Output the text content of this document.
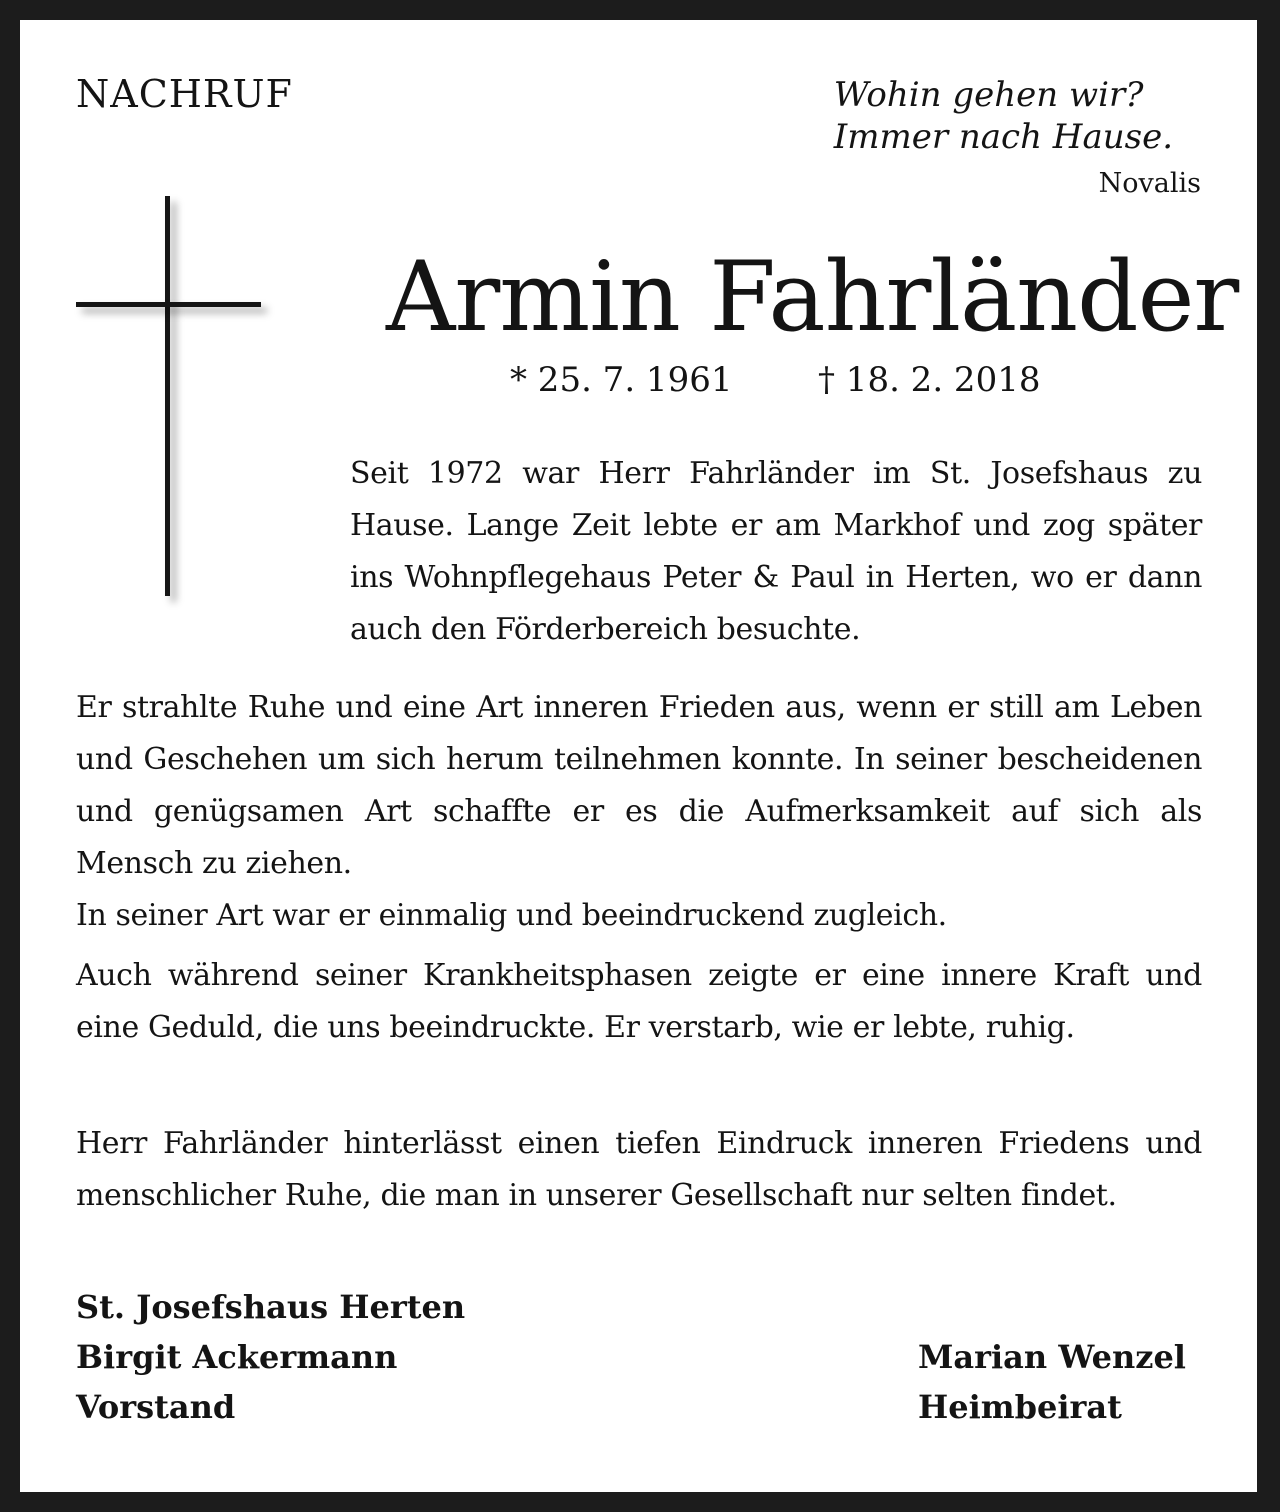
NACHRUF	Wohin gehen wir?
Immer nach Hause.
Novalis
Armin Fahrländer
* 25. 7. 1961	† 18. 2. 2018

Seit 1972 war Herr Fahrländer im St. Josefshaus zu Hause. Lange Zeit lebte er am Markhof und zog später ins Wohnpflegehaus Peter & Paul in Herten, wo er dann auch den Förderbereich besuchte.

Er strahlte Ruhe und eine Art inneren Frieden aus, wenn er still am Leben und Geschehen um sich herum teilnehmen konnte. In seiner bescheidenen und genügsamen Art schaffte er es die Aufmerksamkeit auf sich als Mensch zu ziehen.
In seiner Art war er einmalig und beeindruckend zugleich.

Auch während seiner Krankheitsphasen zeigte er eine innere Kraft und eine Geduld, die uns beeindruckte. Er verstarb, wie er lebte, ruhig.

Herr Fahrländer hinterlässt einen tiefen Eindruck inneren Friedens und menschlicher Ruhe, die man in unserer Gesellschaft nur selten findet.

St. Josefshaus Herten
Birgit Ackermann
Vorstand
Marian Wenzel
Heimbeirat
